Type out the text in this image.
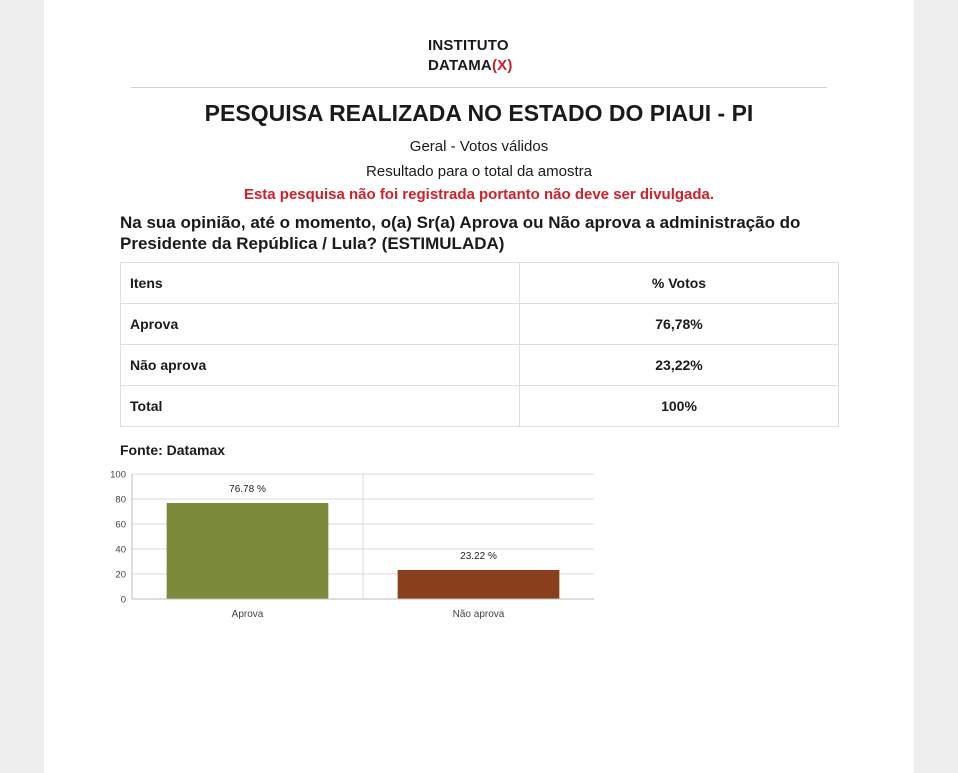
INSTITUTO
DATAMA(X)
PESQUISA REALIZADA NO ESTADO DO PIAUI - PI
Geral - Votos válidos
Resultado para o total da amostra
Esta pesquisa não foi registrada portanto não deve ser divulgada.
Na sua opinião, até o momento, o(a) Sr(a) Aprova ou Não aprova a administração do Presidente da República / Lula? (ESTIMULADA)
Itens	% Votos
Aprova	76,78%
Não aprova	23,22%
Total	100%
Fonte: Datamax
0
20
40
60
80
100
76.78 %
Aprova
23.22 %
Não aprova
